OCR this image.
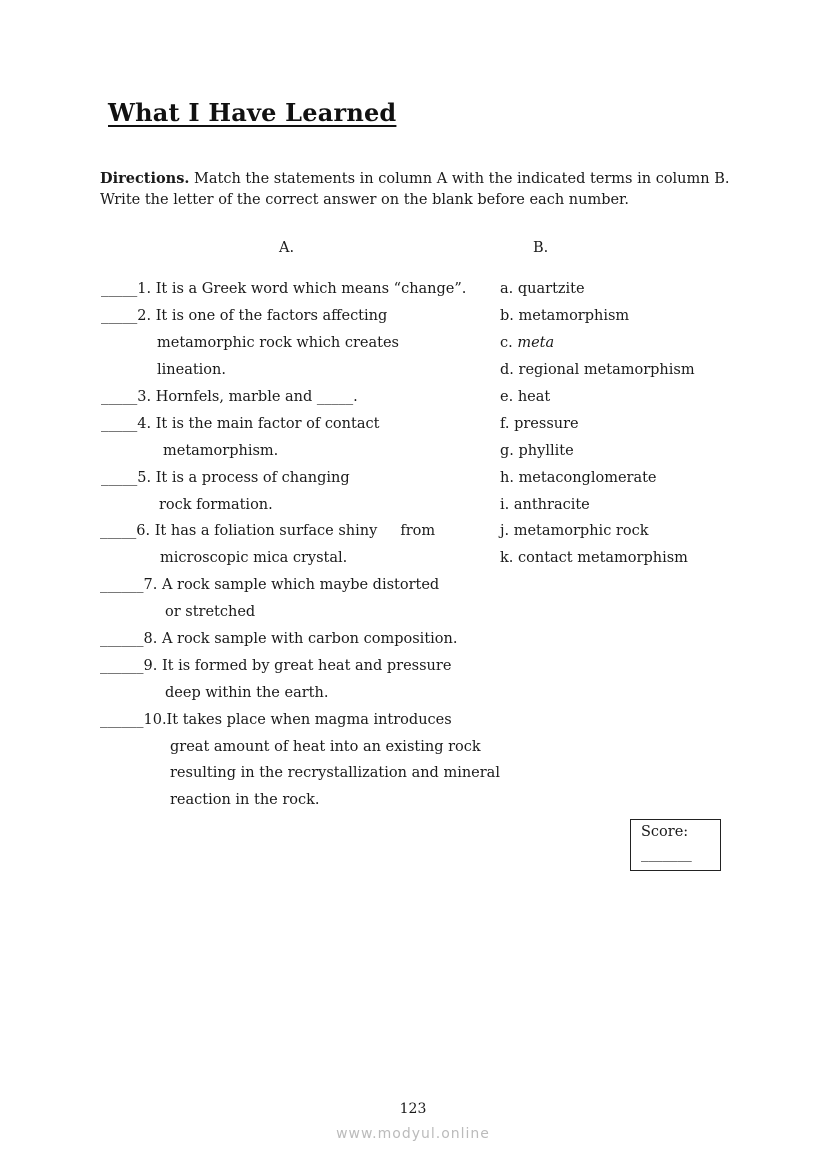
What I Have Learned
Directions. Match the statements in column A with the indicated terms in column B. Write the letter of the correct answer on the blank before each number.
A.	B.
_____1. It is a Greek word which means “change”.
_____2. It is one of the factors affecting
metamorphic rock which creates
lineation.
_____3. Hornfels, marble and _____.
_____4. It is the main factor of contact
metamorphism.
_____5. It is a process of changing
rock formation.
_____6. It has a foliation surface shiny     from
microscopic mica crystal.
______7. A rock sample which maybe distorted
or stretched
______8. A rock sample with carbon composition.
______9. It is formed by great heat and pressure
deep within the earth.
______10.It takes place when magma introduces
great amount of heat into an existing rock
resulting in the recrystallization and mineral
reaction in the rock.
a. quartzite
b. metamorphism
c. meta
d. regional metamorphism
e. heat
f. pressure
g. phyllite
h. metaconglomerate
i. anthracite
j. metamorphic rock
k. contact metamorphism
Score:
_______
123
www.modyul.online
